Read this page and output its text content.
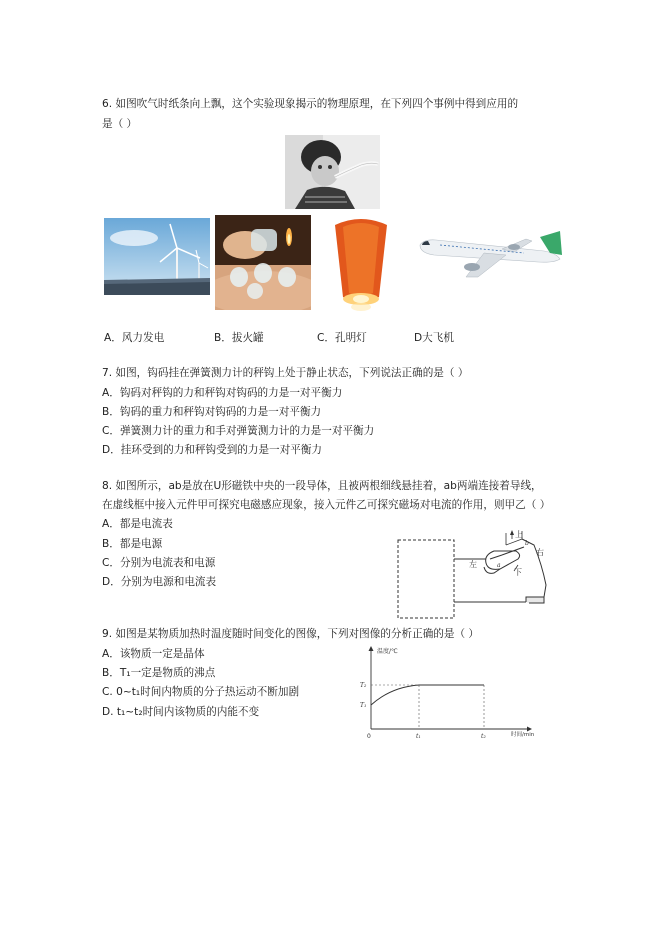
6. 如图吹气时纸条向上飘，这个实验现象揭示的物理原理，在下列四个事例中得到应用的
是（ ）
A．风力发电	B．拔火罐	C．孔明灯	D大飞机
7. 如图，钩码挂在弹簧测力计的秤钩上处于静止状态，下列说法正确的是（ ）
A．钩码对秤钩的力和秤钩对钩码的力是一对平衡力
B．钩码的重力和秤钩对钩码的力是一对平衡力
C．弹簧测力计的重力和手对弹簧测力计的力是一对平衡力
D．挂环受到的力和秤钩受到的力是一对平衡力
8. 如图所示，ab是放在U形磁铁中央的一段导体，且被两根细线悬挂着，ab两端连接着导线，
在虚线框中接入元件甲可探究电磁感应现象，接入元件乙可探究磁场对电流的作用，则甲乙（ ）
A．都是电流表
B．都是电源
C．分别为电流表和电源
D．分别为电源和电流表
上
下
左
右
a
b
9. 如图是某物质加热时温度随时间变化的图像，下列对图像的分析正确的是（ ）
A．该物质一定是晶体
B．T₁一定是物质的沸点
C. 0~t₁时间内物质的分子热运动不断加剧
D. t₁~t₂时间内该物质的内能不变
温度/℃
时间/min
0	t₁	t₂
T₂
T₁
